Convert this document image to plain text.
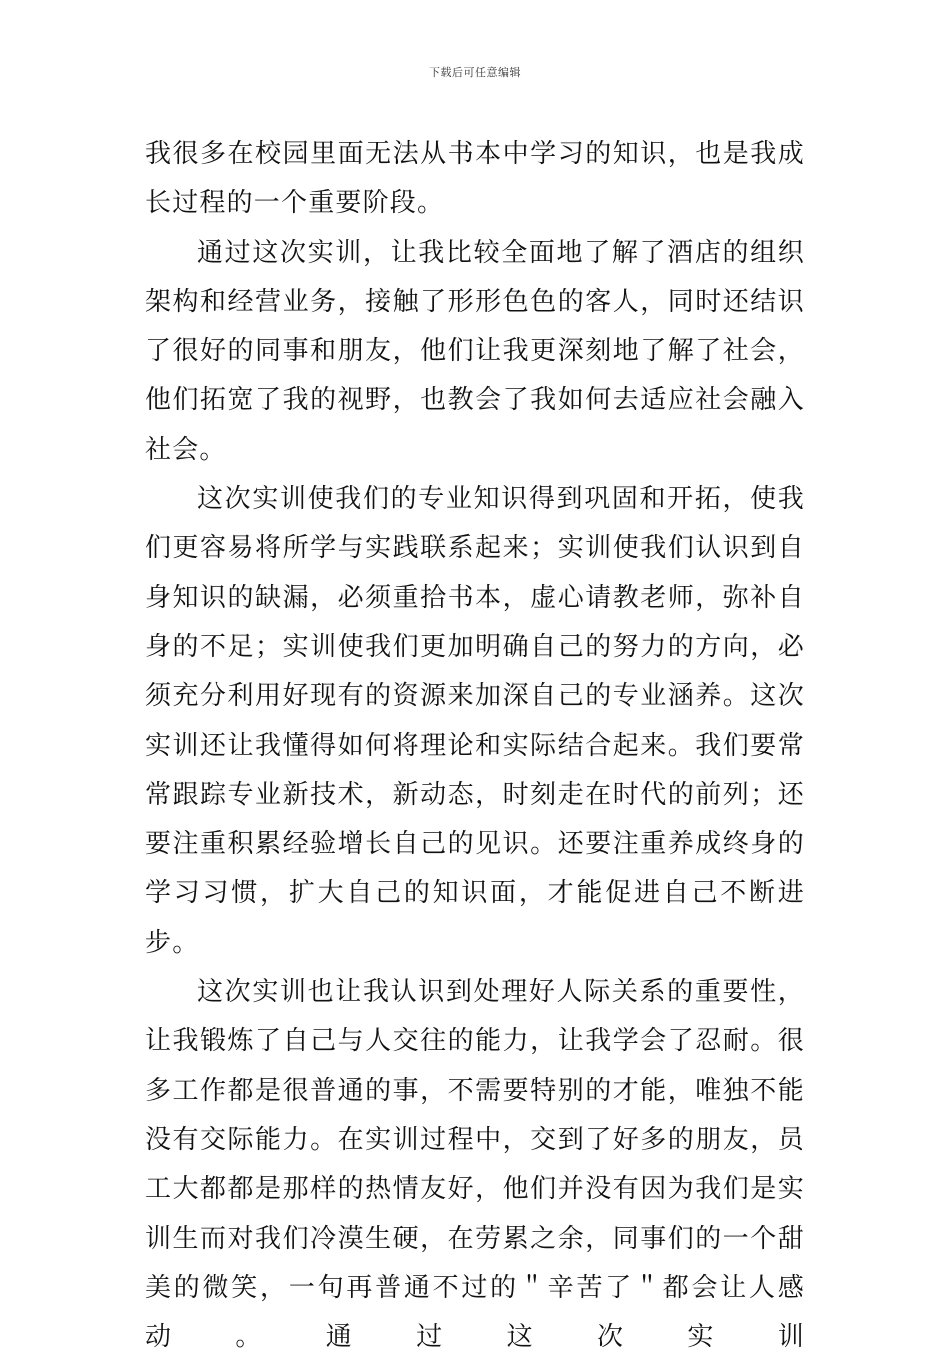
下载后可任意编辑

我很多在校园里面无法从书本中学习的知识，也是我成长过程的一个重要阶段。

通过这次实训，让我比较全面地了解了酒店的组织架构和经营业务，接触了形形色色的客人，同时还结识了很好的同事和朋友，他们让我更深刻地了解了社会，他们拓宽了我的视野，也教会了我如何去适应社会融入社会。

这次实训使我们的专业知识得到巩固和开拓，使我们更容易将所学与实践联系起来；实训使我们认识到自身知识的缺漏，必须重拾书本，虚心请教老师，弥补自身的不足；实训使我们更加明确自己的努力的方向，必须充分利用好现有的资源来加深自己的专业涵养。这次实训还让我懂得如何将理论和实际结合起来。我们要常常跟踪专业新技术，新动态，时刻走在时代的前列；还要注重积累经验增长自己的见识。还要注重养成终身的学习习惯，扩大自己的知识面，才能促进自己不断进步。

这次实训也让我认识到处理好人际关系的重要性，让我锻炼了自己与人交往的能力，让我学会了忍耐。很多工作都是很普通的事，不需要特别的才能，唯独不能没有交际能力。在实训过程中，交到了好多的朋友，员工大都都是那样的热情友好，他们并没有因为我们是实训生而对我们冷漠生硬，在劳累之余，同事们的一个甜美的微笑，一句再普通不过的＂辛苦了＂都会让人感动。通过这次实训
